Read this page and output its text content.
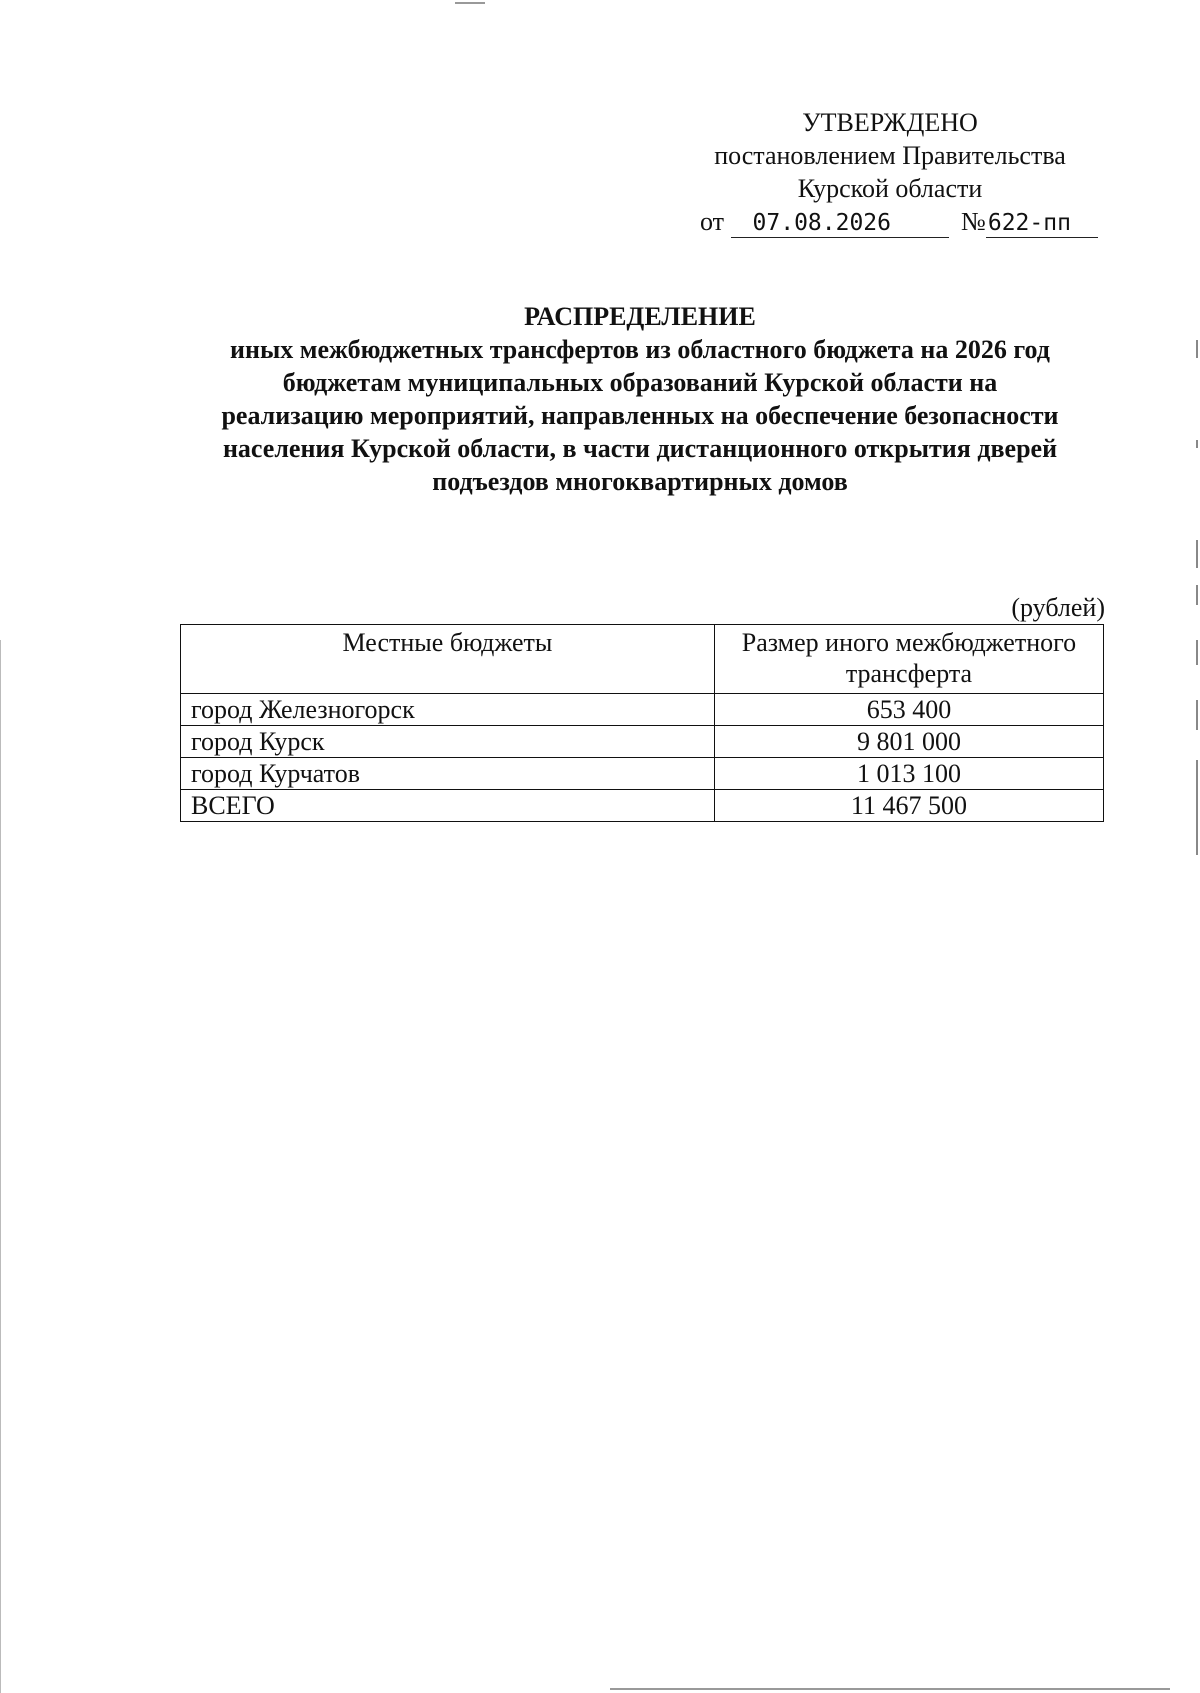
УТВЕРЖДЕНО
постановлением Правительства
Курской области
от 07.08.2026	№622-пп
РАСПРЕДЕЛЕНИЕ
иных межбюджетных трансфертов из областного бюджета на 2026 год
бюджетам муниципальных образований Курской области на
реализацию мероприятий, направленных на обеспечение безопасности
населения Курской области, в части дистанционного открытия дверей
подъездов многоквартирных домов
(рублей)
Местные бюджеты	Размер иного межбюджетного трансферта
город Железногорск	653 400
город Курск	9 801 000
город Курчатов	1 013 100
ВСЕГО	11 467 500
